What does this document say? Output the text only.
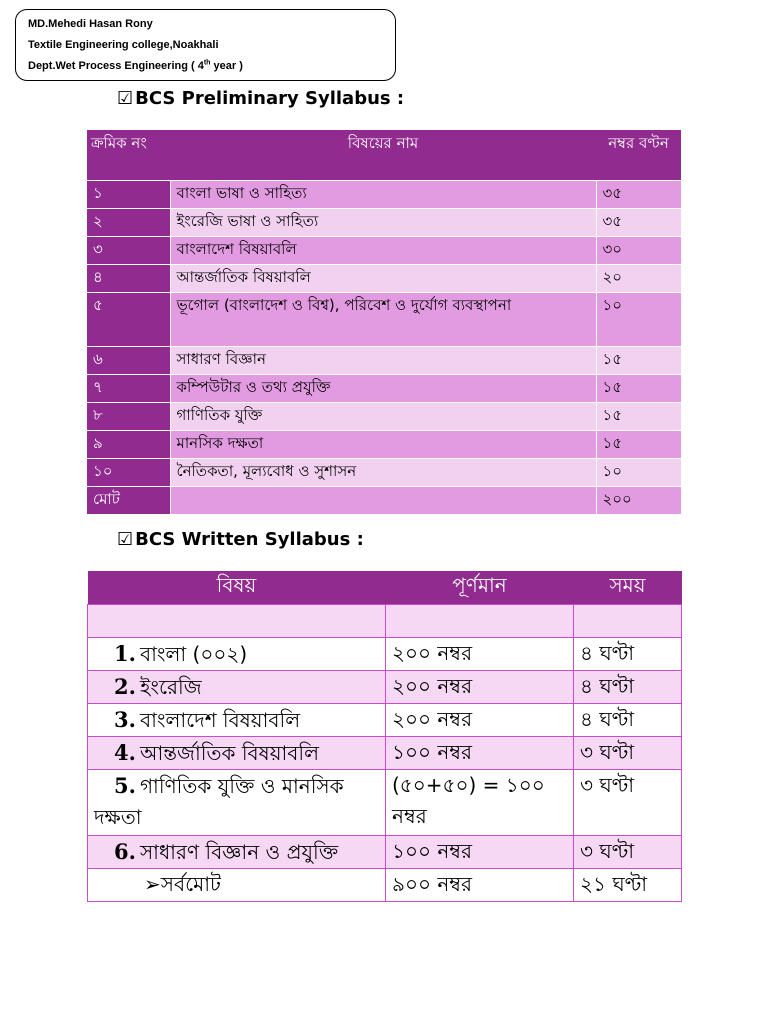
MD.Mehedi Hasan Rony
Textile Engineering college,Noakhali
Dept.Wet Process Engineering ( 4th year )
☑ BCS Preliminary Syllabus :
ক্রমিক নং	বিষয়ের নাম	নম্বর বণ্টন
১	বাংলা ভাষা ও সাহিত্য	৩৫
২	ইংরেজি ভাষা ও সাহিত্য	৩৫
৩	বাংলাদেশ বিষয়াবলি	৩০
৪	আন্তর্জাতিক বিষয়াবলি	২০
৫	ভূগোল (বাংলাদেশ ও বিশ্ব), পরিবেশ ও দুর্যোগ ব্যবস্থাপনা	১০
৬	সাধারণ বিজ্ঞান	১৫
৭	কম্পিউটার ও তথ্য প্রযুক্তি	১৫
৮	গাণিতিক যুক্তি	১৫
৯	মানসিক দক্ষতা	১৫
১০	নৈতিকতা, মূল্যবোধ ও সুশাসন	১০
মোট		২০০
☑ BCS Written Syllabus :
বিষয়	পূর্ণমান	সময়

1. বাংলা (০০২)	২০০ নম্বর	৪ ঘণ্টা
2. ইংরেজি	২০০ নম্বর	৪ ঘণ্টা
3. বাংলাদেশ বিষয়াবলি	২০০ নম্বর	৪ ঘণ্টা
4. আন্তর্জাতিক বিষয়াবলি	১০০ নম্বর	৩ ঘণ্টা
5. গাণিতিক যুক্তি ও মানসিক দক্ষতা	(৫০+৫০) = ১০০ নম্বর	৩ ঘণ্টা
6. সাধারণ বিজ্ঞান ও প্রযুক্তি	১০০ নম্বর	৩ ঘণ্টা
➢সর্বমোট	৯০০ নম্বর	২১ ঘণ্টা
